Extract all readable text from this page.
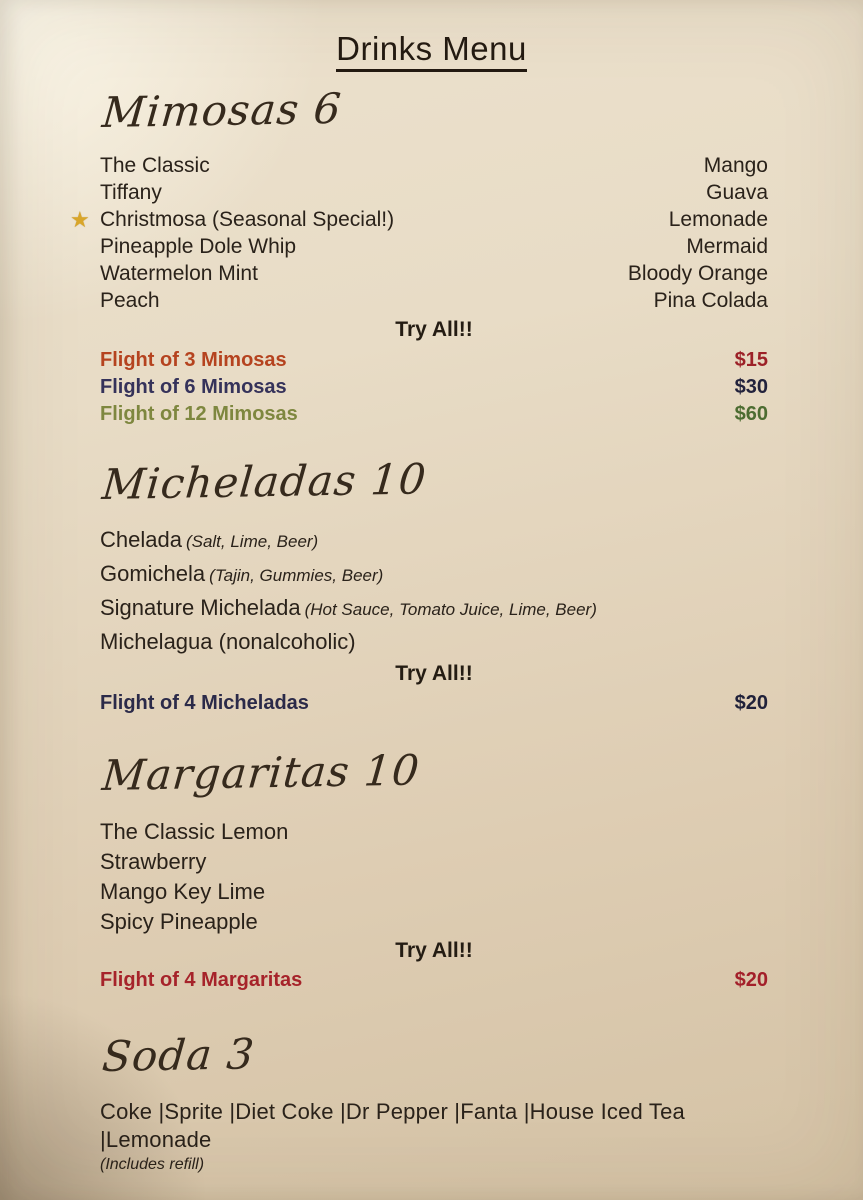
Drinks Menu
Mimosas 6
The Classic	Mango
Tiffany	Guava
★ Christmosa (Seasonal Special!)	Lemonade
Pineapple Dole Whip	Mermaid
Watermelon Mint	Bloody Orange
Peach	Pina Colada
Try All!!
Flight of 3 Mimosas	$15
Flight of 6 Mimosas	$30
Flight of 12 Mimosas	$60
Micheladas 10
Chelada (Salt, Lime, Beer)
Gomichela (Tajin, Gummies, Beer)
Signature Michelada (Hot Sauce, Tomato Juice, Lime, Beer)
Michelagua (nonalcoholic)
Try All!!
Flight of 4 Micheladas	$20
Margaritas 10
The Classic Lemon
Strawberry
Mango Key Lime
Spicy Pineapple
Try All!!
Flight of 4 Margaritas	$20
Soda 3
Coke |Sprite |Diet Coke |Dr Pepper |Fanta |House Iced Tea |Lemonade
(Includes refill)
